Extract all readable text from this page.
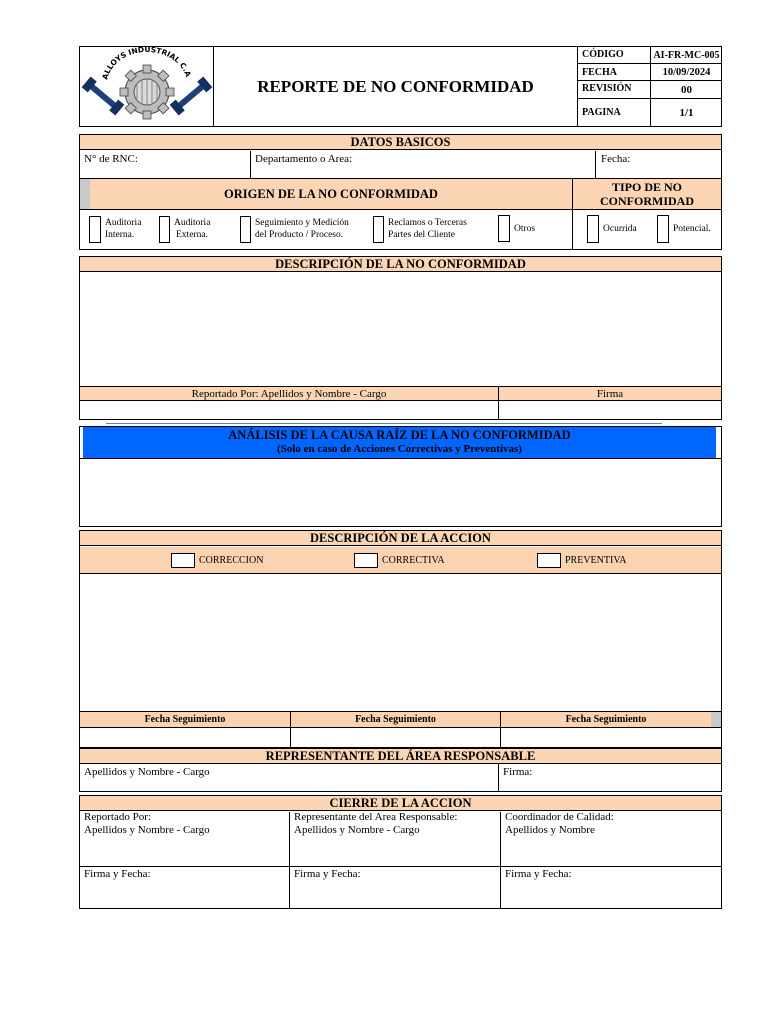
ALLOYS INDUSTRIAL C.A
REPORTE DE NO CONFORMIDAD
CÓDIGO	AI-FR-MC-005
FECHA	10/09/2024
REVISIÓN	00
PAGINA	1/1
DATOS BASICOS
N° de RNC:	Departamento o Area:	Fecha:
ORIGEN DE LA NO CONFORMIDAD	TIPO DE NO
CONFORMIDAD
Auditoria
Interna.
Auditoria
Externa.
Seguimiento y Medición
del Producto / Proceso.
Reclamos o Terceras
Partes del Cliente
Otros	Ocurrida	Potencial.
DESCRIPCIÓN DE LA NO CONFORMIDAD
Reportado Por: Apellidos y Nombre - Cargo	Firma
ANÁLISIS DE LA CAUSA RAÍZ DE LA NO CONFORMIDAD
(Solo en caso de Acciones Correctivas y Preventivas)
DESCRIPCIÓN DE LA ACCION
CORRECCION	CORRECTIVA	PREVENTIVA
Fecha Seguimiento	Fecha Seguimiento	Fecha Seguimiento
REPRESENTANTE DEL ÁREA RESPONSABLE
Apellidos y Nombre - Cargo	Firma:
CIERRE DE LA ACCION
Reportado Por:
Apellidos y Nombre - Cargo
Representante del Area Responsable:
Apellidos y Nombre - Cargo
Coordinador de Calidad:
Apellidos y Nombre
Firma y Fecha:	Firma y Fecha:	Firma y Fecha:
